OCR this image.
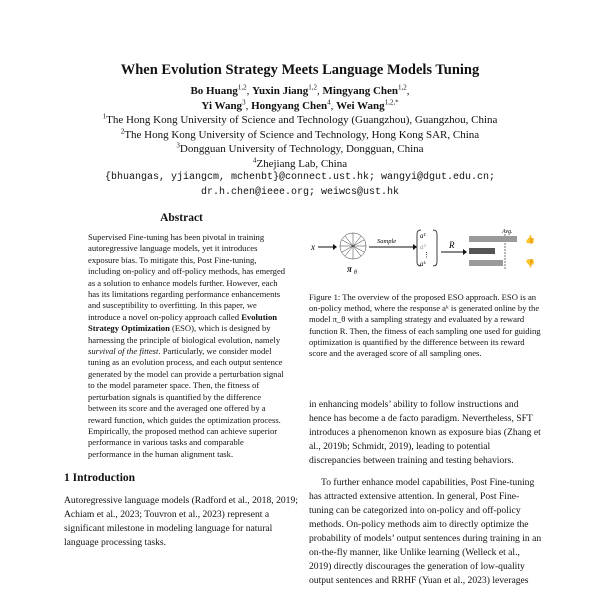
When Evolution Strategy Meets Language Models Tuning
Bo Huang$^{1,2}$, Yuxin Jiang$^{1,2}$, Mingyang Chen$^{1,2}$,
Yi Wang$^3$, Hongyang Chen$^4$, Wei Wang$^{1,2,*}$
$^1$The Hong Kong University of Science and Technology (Guangzhou), Guangzhou, China
$^2$The Hong Kong University of Science and Technology, Hong Kong SAR, China
$^3$Dongguan University of Technology, Dongguan, China
$^4$Zhejiang Lab, China
{bhuangas, yjiangcm, mchenbt}@connect.ust.hk; wangyi@dgut.edu.cn;
dr.h.chen@ieee.org; weiwcs@ust.hk
Abstract
Supervised Fine-tuning has been pivotal in training autoregressive language models, yet it introduces exposure bias. To mitigate this, Post Fine-tuning, including on-policy and off-policy methods, has emerged as a solution to enhance models further. However, each has its limitations regarding performance enhancements and susceptibility to overfitting. In this paper, we introduce a novel on-policy approach called Evolution Strategy Optimization (ESO), which is designed by harnessing the principle of biological evolution, namely survival of the fittest. Particularly, we consider model tuning as an evolution process, and each output sentence generated by the model can provide a perturbation signal to the model parameter space. Then, the fitness of perturbation signals is quantified by the difference between its score and the averaged one offered by a reward function, which guides the optimization process. Empirically, the proposed method can achieve superior performance in various tasks and comparable performance in the human alignment task.
1 Introduction
Autoregressive language models (Radford et al., 2018, 2019; Achiam et al., 2023; Touvron et al., 2023) represent a significant milestone in modeling language for natural language processing tasks.
x
π θ
Sample
a¹
a²
⋮
aᵏ
R
Avg.
👍
👎
Figure 1: The overview of the proposed ESO approach. ESO is an on-policy method, where the response aᵏ is generated online by the model π_θ with a sampling strategy and evaluated by a reward function R. Then, the fitness of each sampling one used for guiding optimization is quantified by the difference between its reward score and the averaged score of all sampling ones.

in enhancing models’ ability to follow instructions and hence has become a de facto paradigm. Nevertheless, SFT introduces a phenomenon known as exposure bias (Zhang et al., 2019b; Schmidt, 2019), leading to potential discrepancies between training and testing behaviors.

To further enhance model capabilities, Post Fine-tuning has attracted extensive attention. In general, Post Fine-tuning can be categorized into on-policy and off-policy methods. On-policy methods aim to directly optimize the probability of models’ output sentences during training in an on-the-fly manner, like Unlike learning (Welleck et al., 2019) directly discourages the generation of low-quality output sentences and RRHF (Yuan et al., 2023) leverages
